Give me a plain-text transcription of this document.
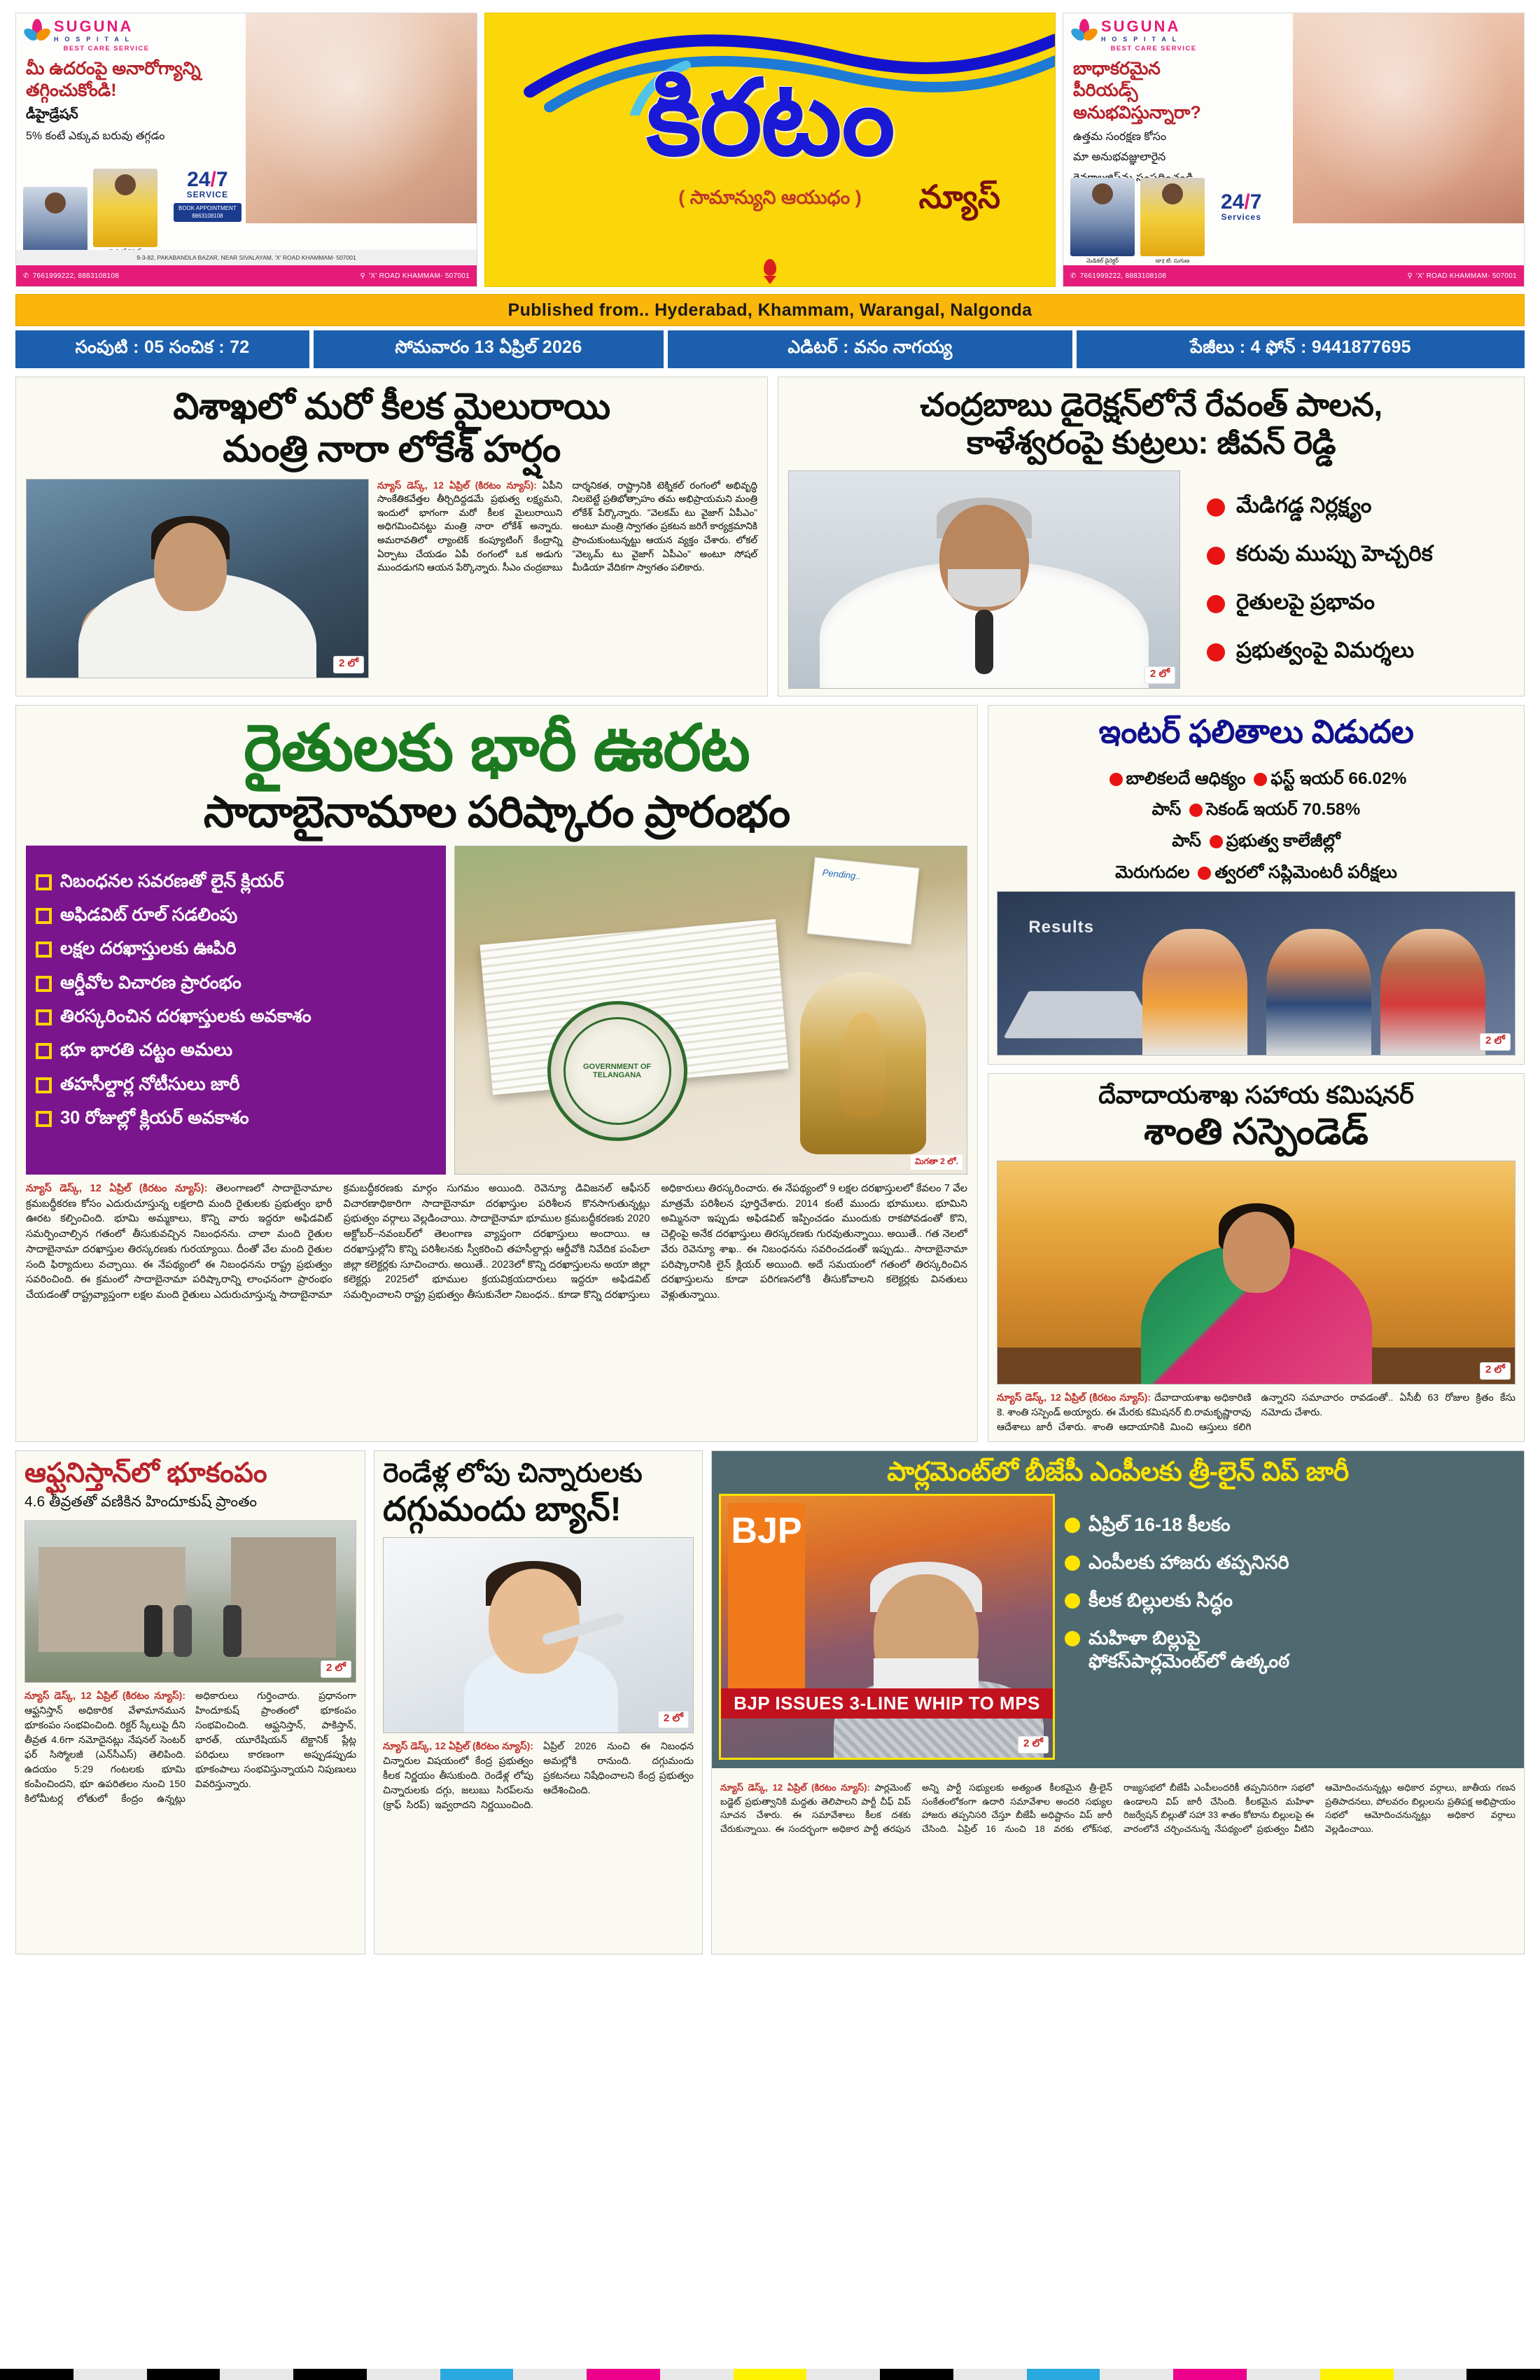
SUGUNA
H O S P I T A L
BEST CARE SERVICE
మీ ఉదరంపై అనారోగ్యాన్ని
తగ్గించుకోండి!
డీహైడ్రేషన్
5% కంటే ఎక్కువ బరువు తగ్గడం
24/7
SERVICE
BOOK APPOINTMENT
8863108108
9-3-82, PAKABANDLA BAZAR, NEAR SIVALAYAM, 'X' ROAD KHAMMAM- 507001
✆ 7661999222, 8883108108	⚲ 'X' ROAD KHAMMAM- 507001
కిరటం
( సామాన్యుని ఆయుధం )	న్యూస్
SUGUNA
H O S P I T A L
BEST CARE SERVICE
బాధాకరమైన
పీరియడ్స్
అనుభవిస్తున్నారా?
ఉత్తమ సంరక్షణ కోసం
మా అనుభవజ్ఞులారైన
24/7
Services
మెడికల్ డైరెక్టర్	డా॥ టి. సుగుణ
✆ 7661999222, 8883108108	⚲ 'X' ROAD KHAMMAM- 507001
Published from.. Hyderabad, Khammam, Warangal, Nalgonda
సంపుటి : 05 సంచిక : 72	సోమవారం 13 ఏప్రిల్ 2026	ఎడిటర్ : వనం నాగయ్య	పేజీలు : 4 ఫోన్ : 9441877695
విశాఖలో మరో కీలక మైలురాయి
మంత్రి నారా లోకేశ్ హర్షం
2 లో
న్యూస్ డెస్క్, 12 ఏప్రిల్ (కిరటం న్యూస్): ఏపీని సాంకేతికవేత్తల తీర్చిదిద్దడమే ప్రభుత్వ లక్ష్యమని, ఇందులో భాగంగా మరో కీలక మైలురాయిని అధిగమించినట్టు మంత్రి నారా లోకేశ్ అన్నారు. అమరావతిలో ల్యాంటెక్ కంప్యూటింగ్ కేంద్రాన్ని ఏర్పాటు చేయడం ఏపీ రంగంలో ఒక అడుగు ముందడుగని ఆయన పేర్కొన్నారు. సీఎం చంద్రబాబు దార్శనికత, రాష్ట్రానికి టెక్నికల్ రంగంలో అభివృద్ధి నిలబెట్టే ప్రతిభోత్సాహం తమ అభిప్రాయమని మంత్రి లోకేశ్ పేర్కొన్నారు. "వెలకమ్ టు వైజాగ్ ఏపీఎం" అంటూ మంత్రి స్వాగతం ప్రకటన జరిగే కార్యక్రమానికి ప్రాంచుకుంటున్నట్టు ఆయన వ్యక్తం చేశారు. లోకల్ "వెల్కమ్ టు వైజాగ్ ఏపీఎం" అంటూ సోషల్ మీడియా వేదికగా స్వాగతం పలికారు.
చంద్రబాబు డైరెక్షన్‌లోనే రేవంత్ పాలన,
కాళేశ్వరంపై కుట్రలు: జీవన్ రెడ్డి
2 లో
మేడిగడ్డ నిర్లక్ష్యం
కరువు ముప్పు హెచ్చరిక
రైతులపై ప్రభావం
ప్రభుత్వంపై విమర్శలు
రైతులకు భారీ ఊరట
సాదాబైనామాల పరిష్కారం ప్రారంభం
నిబంధనల సవరణతో లైన్ క్లియర్
అఫిడవిట్ రూల్ సడలింపు
లక్షల దరఖాస్తులకు ఊపిరి
ఆర్డీవోల విచారణ ప్రారంభం
తిరస్కరించిన దరఖాస్తులకు అవకాశం
భూ భారతి చట్టం అమలు
తహసీల్దార్ల నోటీసులు జారీ
30 రోజుల్లో క్లియర్ అవకాశం
Pending..
GOVERNMENT OF TELANGANA
మిగతా 2 లో.
న్యూస్ డెస్క్, 12 ఏప్రిల్ (కిరటం న్యూస్): తెలంగాణలో సాదాబైనామాల క్రమబద్ధీకరణ కోసం ఎదురుచూస్తున్న లక్షలాది మంది రైతులకు ప్రభుత్వం భారీ ఊరట కల్పించింది. భూమి అమ్మకాలు, కొన్ని వారు ఇద్దరూ అఫిడవిట్ సమర్పించాల్సిన గతంలో తీసుకువచ్చిన నిబంధనను. చాలా మంది రైతుల సాదాబైనామా దరఖాస్తుల తిరస్కరణకు గురయ్యాయి. దీంతో వేల మంది రైతుల సంది ఫిర్యాదులు వచ్చాయి. ఈ నేపథ్యంలో ఈ నిబంధనను రాష్ట్ర ప్రభుత్వం సవరించింది. ఈ క్రమంలో సాదాబైనామా పరిష్కారాన్ని లాంఛనంగా ప్రారంభం చేయడంతో రాష్ట్రవ్యాప్తంగా లక్షల మంది రైతులు ఎదురుచూస్తున్న సాదాబైనామా క్రమబద్ధీకరణకు మార్గం సుగమం అయింది. రెవెన్యూ డివిజనల్ ఆఫీసర్ విచారణాధికారిగా సాదాబైనామా దరఖాస్తుల పరిశీలన కొనసాగుతున్నట్లు ప్రభుత్వం వర్గాలు వెల్లడించాయి. సాదాబైనామా భూముల క్రమబద్ధీకరణకు 2020 అక్టోబర్–నవంబర్‌లో తెలంగాణ వ్యాప్తంగా దరఖాస్తులు అందాయి. ఆ దరఖాస్తుల్లోని కొన్ని పరిశీలనకు స్వీకరించి తహసీల్దార్లు ఆర్డీవోకి నివేదిక పంపేలా జిల్లా కలెక్టర్లకు సూచించారు. అయితే.. 2023లో కొన్ని దరఖాస్తులను అయా జిల్లా కలెక్టర్లు 2025లో భూముల క్రయవిక్రయదారులు ఇద్దరూ అఫిడవిట్ సమర్పించాలని రాష్ట్ర ప్రభుత్వం తీసుకునేలా నిబంధన.. కూడా కొన్ని దరఖాస్తులు అధికారులు తిరస్కరించారు. ఈ నేపథ్యంలో 9 లక్షల దరఖాస్తులలో కేవలం 7 వేల మాత్రమే పరిశీలన పూర్తిచేశారు. 2014 కంటే ముందు భూములు. భూమిని అమ్మిననా ఇప్పుడు అఫిడవిట్ ఇప్పించడం ముందుకు రాకపోవడంతో కొని, చెల్లింపై అనేక దరఖాస్తులు తిరస్కరణకు గురవుతున్నాయి. అయితే.. గత నెలలో వేరు రెవెన్యూ శాఖ.. ఈ నిబంధనను సవరించడంతో ఇప్పుడు.. సాదాబైనామా పరిష్కారానికి లైన్ క్లియర్ అయింది. అదే సమయంలో గతంలో తిరస్కరించిన దరఖాస్తులను కూడా పరిగణనలోకి తీసుకోవాలని కలెక్టర్లకు వినతులు వెళ్లుతున్నాయి.
ఇంటర్ ఫలితాలు విడుదల
బాలికలదే ఆధిక్యం ఫస్ట్ ఇయర్ 66.02%
పాస్ సెకండ్ ఇయర్ 70.58%
పాస్ ప్రభుత్వ కాలేజీల్లో
మెరుగుదల త్వరలో సప్లిమెంటరీ పరీక్షలు
Results
2 లో
దేవాదాయశాఖ సహాయ కమిషనర్
శాంతి సస్పెండెడ్
2 లో
న్యూస్ డెస్క్, 12 ఏప్రిల్ (కిరటం న్యూస్): దేవాదాయశాఖ అధికారిణి కె. శాంతి సస్పెండ్ అయ్యారు. ఈ మేరకు కమిషనర్ బి.రామకృష్ణారావు ఆదేశాలు జారీ చేశారు. శాంతి ఆదాయానికి మించి ఆస్తులు కలిగి ఉన్నారని సమాచారం రావడంతో.. ఏసీబీ 63 రోజుల క్రితం కేసు నమోదు చేశారు.
ఆఫ్ఘనిస్తాన్‌లో భూకంపం
4.6 తీవ్రతతో వణికిన హిందూకుష్ ప్రాంతం
2 లో
న్యూస్ డెస్క్, 12 ఏప్రిల్ (కిరటం న్యూస్): ఆఫ్ఘనిస్తాన్ అధికారిక వేళామానమున భూకంపం సంభవించింది. రిక్టర్ స్కేలుపై దీని తీవ్రత 4.6గా నమోదైనట్లు నేషనల్ సెంటర్ ఫర్ సిస్మోలజీ (ఎన్‌సీఎస్) తెలిపింది. ఉదయం 5:29 గంటలకు భూమి కంపించిందని, భూ ఉపరితలం నుంచి 150 కిలోమీటర్ల లోతులో కేంద్రం ఉన్నట్లు అధికారులు గుర్తించారు. ప్రధానంగా హిందూకుష్ ప్రాంతంలో భూకంపం సంభవించింది. ఆఫ్ఘనిస్తాన్, పాకిస్తాన్, భారత్, యూరేషియన్ టెక్టానిక్ ప్లేట్ల పరిధులు కారణంగా అప్పుడప్పుడు భూకంపాలు సంభవిస్తున్నాయని నిపుణులు వివరిస్తున్నారు.
రెండేళ్ల లోపు చిన్నారులకు
దగ్గుమందు బ్యాన్!
2 లో
న్యూస్ డెస్క్, 12 ఏప్రిల్ (కిరటం న్యూస్): చిన్నారుల విషయంలో కేంద్ర ప్రభుత్వం కీలక నిర్ణయం తీసుకుంది. రెండేళ్ల లోపు చిన్నారులకు దగ్గు, జలుబు సిరప్‌లను (క్రాఫ్ సిరప్) ఇవ్వరాదని నిర్ణయించింది. ఏప్రిల్ 2026 నుంచి ఈ నిబంధన అమల్లోకి రానుంది. దగ్గుమందు ప్రకటనలు నిషేధించాలని కేంద్ర ప్రభుత్వం ఆదేశించింది.
పార్లమెంట్‌లో బీజేపీ ఎంపీలకు త్రీ-లైన్ విప్ జారీ
BJP
BJP ISSUES 3-LINE WHIP TO MPS
2 లో
ఏప్రిల్ 16-18 కీలకం
ఎంపీలకు హాజరు తప్పనిసరి
కీలక బిల్లులకు సిద్ధం
మహిళా బిల్లుపై
ఫోకస్‌పార్లమెంట్‌లో ఉత్కంఠ
న్యూస్ డెస్క్, 12 ఏప్రిల్ (కిరటం న్యూస్): పార్లమెంట్ బడ్జెట్ ప్రభుత్వానికి మద్దతు తెలిపాలని పార్టీ చీఫ్ విప్ సూచన చేశారు. ఈ సమావేశాలు కీలక దశకు చేరుకున్నాయి. ఈ సందర్భంగా అధికార పార్టీ తరపున అన్ని పార్టీ సభ్యులకు అత్యంత కీలకమైన త్రీ-లైన్ సంకేతంలోకంగా ఉదారి సమావేశాల అందరి సభ్యుల హాజరు తప్పనిసరి చేస్తూ బీజేపీ అధిష్టానం విప్ జారీ చేసింది. ఏప్రిల్ 16 నుంచి 18 వరకు లోక్‌సభ, రాజ్యసభలో బీజేపీ ఎంపీలందరికీ తప్పనిసరిగా సభలో ఉండాలని విప్ జారీ చేసింది. కీలకమైన మహిళా రిజర్వేషన్ బిల్లుతో సహా 33 శాతం కోటాను బిల్లులపై ఈ వారంలోనే చర్చించనున్న నేపథ్యంలో ప్రభుత్వం వీటిని ఆమోదించనున్నట్లు అధికార వర్గాలు, జాతీయ గణన ప్రతిపాదనలు, పోలవరం బిల్లులను ప్రతిపక్ష అభిప్రాయం సభలో ఆమోదించనున్నట్లు అధికార వర్గాలు వెల్లడించాయి.
